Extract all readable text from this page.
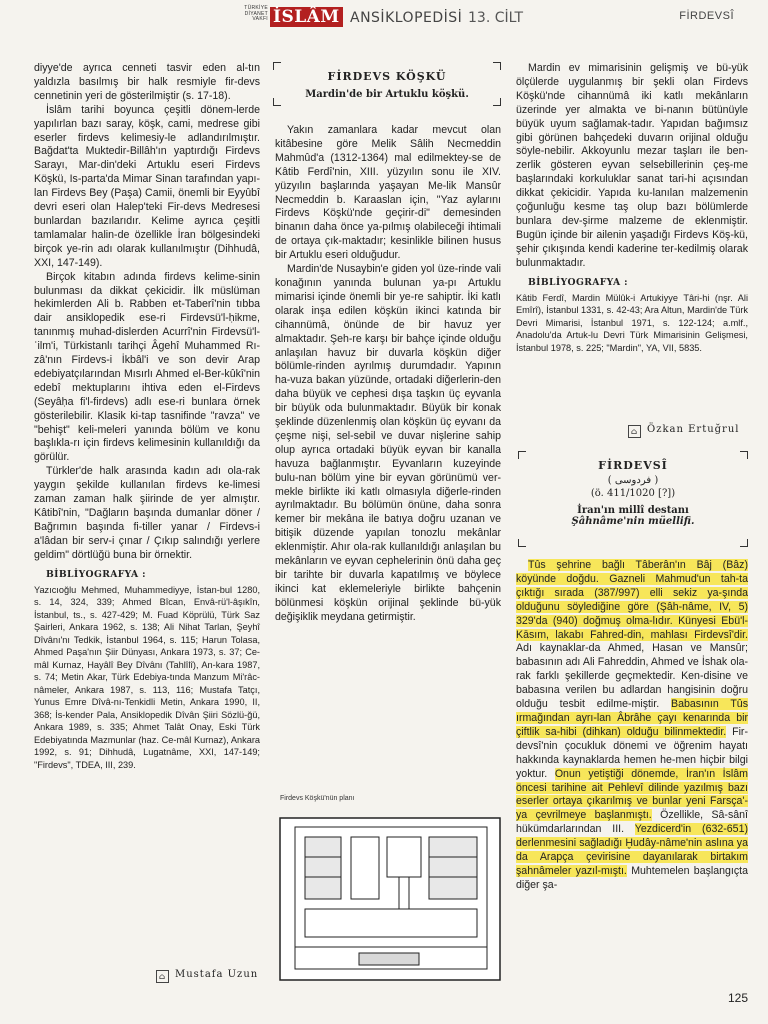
TÜRKİYE
DİYANET
VAKFI İSLÂM ANSİKLOPEDİSİ 13. CİLT	FİRDEVSÎ

diyye'de ayrıca cenneti tasvir eden al-tın yaldızla basılmış bir halk resmiyle fir-devs cennetinin yeri de gösterilmiştir (s. 17-18).

İslâm tarihi boyunca çeşitli dönem-lerde yapılırlan bazı saray, köşk, cami, medrese gibi eserler firdevs kelimesiy-le adlandırılmıştır. Bağdat'ta Muktedir-Billâh'ın yaptırdığı Firdevs Sarayı, Mar-din'deki Artuklu eseri Firdevs Köşkü, Is-parta'da Mimar Sinan tarafından yapı-lan Firdevs Bey (Paşa) Camii, önemli bir Eyyûbî devri eseri olan Halep'teki Fir-devs Medresesi bunlardan bazılarıdır. Kelime ayrıca çeşitli tamlamalar halin-de özellikle İran bölgesindeki birçok ye-rin adı olarak kullanılmıştır (Dihhudâ, XXI, 147-149).

Birçok kitabın adında firdevs kelime-sinin bulunması da dikkat çekicidir. İlk müslüman hekimlerden Ali b. Rabben et-Taberî'nin tıbba dair ansiklopedik ese-ri Firdevsü'l-ḥikme, tanınmış muhad-dislerden Acurrî'nin Firdevsü'l-ʿilm'i, Türkistanlı tarihçi Âgehî Muhammed Rı-zâ'nın Firdevs-i İkbâl'i ve son devir Arap edebiyatçılarından Mısırlı Ahmed el-Ber-kûkî'nin edebî mektuplarını ihtiva eden el-Firdevs (Seyâḥa fi'l-firdevs) adlı ese-ri bunlara örnek gösterilebilir. Klasik ki-tap tasnifinde "ravza" ve "behişt" keli-meleri yanında bölüm ve konu başlıkla-rı için firdevs kelimesinin kullanıldığı da görülür.

Türkler'de halk arasında kadın adı ola-rak yaygın şekilde kullanılan firdevs ke-limesi zaman zaman halk şiirinde de yer almıştır. Kâtibî'nin, "Dağların başında dumanlar döner / Bağrımın başında fi-tiller yanar / Firdevs-i a'lâdan bir serv-i çınar / Çıkıp salındığı yerlere geldim" dörtlüğü buna bir örnektir.

BİBLİYOGRAFYA :
Yazıcıoğlu Mehmed, Muhammediyye, İstan-bul 1280, s. 14, 324, 339; Ahmed Bîcan, Envâ-rü'l-âşıkîn, İstanbul, ts., s. 427-429; M. Fuad Köprülü, Türk Saz Şairleri, Ankara 1962, s. 138; Ali Nihat Tarlan, Şeyhî Dîvânı'nı Tedkik, İstanbul 1964, s. 115; Harun Tolasa, Ahmed Paşa'nın Şiir Dünyası, Ankara 1973, s. 37; Ce-mâl Kurnaz, Hayâlî Bey Dîvânı (Tahlîlî), An-kara 1987, s. 74; Metin Akar, Türk Edebiya-tında Manzum Mi'râc-nâmeler, Ankara 1987, s. 113, 116; Mustafa Tatçı, Yunus Emre Dîvâ-nı-Tenkidli Metin, Ankara 1990, II, 368; İs-kender Pala, Ansiklopedik Dîvân Şiiri Sözlü-ğü, Ankara 1989, s. 335; Ahmet Talât Onay, Eski Türk Edebiyatında Mazmunlar (haz. Ce-mâl Kurnaz), Ankara 1992, s. 91; Dihhudâ, Lugatnâme, XXI, 147-149; "Firdevs", TDEA, III, 239.
⌂ Mustafa Uzun
FİRDEVS KÖŞKÜ
Mardin'de bir Artuklu köşkü.

Yakın zamanlara kadar mevcut olan kitâbesine göre Melik Sâlih Necmeddin Mahmûd'a (1312-1364) mal edilmektey-se de Kâtib Ferdî'nin, XIII. yüzyılın sonu ile XIV. yüzyılın başlarında yaşayan Me-lik Mansûr Necmeddin b. Karaaslan için, "Yaz aylarını Firdevs Köşkü'nde geçirir-di" demesinden binanın daha önce ya-pılmış olabileceği ihtimali de ortaya çık-maktadır; kesinlikle bilinen husus bir Artuklu eseri olduğudur.

Mardin'de Nusaybin'e giden yol üze-rinde vali konağının yanında bulunan ya-pı Artuklu mimarisi içinde önemli bir ye-re sahiptir. İki katlı olarak inşa edilen köşkün ikinci katında bir cihannümâ, önünde de bir havuz yer almaktadır. Şeh-re karşı bir bahçe içinde olduğu anlaşılan havuz bir duvarla köşkün diğer bölümle-rinden ayrılmış durumdadır. Yapının ha-vuza bakan yüzünde, ortadaki diğerlerin-den daha büyük ve cephesi dışa taşkın üç eyvanla bir büyük oda bulunmaktadır. Büyük bir konak şeklinde düzenlenmiş olan köşkün üç eyvanı da çeşme nişi, sel-sebil ve duvar nişlerine sahip olup ayrıca ortadaki büyük eyvan bir kanalla havuza bağlanmıştır. Eyvanların kuzeyinde bulu-nan bölüm yine bir eyvan görünümü ver-mekle birlikte iki katlı olmasıyla diğerle-rinden ayrılmaktadır. Bu bölümün önüne, daha sonra kemer bir mekâna ile batıya doğru uzanan ve bitişik düzende yapılan tonozlu mekânlar eklenmiştir. Ahır ola-rak kullanıldığı anlaşılan bu mekânların ve eyvan cephelerinin önü daha geç bir tarihte bir duvarla kapatılmış ve böylece ikinci kat eklemeleriyle birlikte bahçenin bölünmesi köşkün orijinal şeklinde bü-yük değişiklik meydana getirmiştir.

Firdevs Köşkü'nün planı

Mardin ev mimarisinin gelişmiş ve bü-yük ölçülerde uygulanmış bir şekli olan Firdevs Köşkü'nde cihannümâ iki katlı mekânların üzerinde yer almakta ve bi-nanın bütünüyle büyük uyum sağlamak-tadır. Yapıdan bağımsız gibi görünen bahçedeki duvarın orijinal olduğu söyle-nebilir. Akkoyunlu mezar taşları ile ben-zerlik gösteren eyvan selsebillerinin çeş-me başlarındaki korkuluklar sanat tari-hi açısından dikkat çekicidir. Yapıda ku-lanılan malzemenin çoğunluğu kesme taş olup bazı bölümlerde bunlara dev-şirme malzeme de eklenmiştir. Bugün içinde bir ailenin yaşadığı Firdevs Köş-kü, şehir çıkışında kendi kaderine ter-kedilmiş olarak bulunmaktadır.

BİBLİYOGRAFYA :
Kâtib Ferdî, Mardin Mülûk-i Artukiyye Târi-hi (nşr. Ali Emîrî), İstanbul 1331, s. 42-43; Ara Altun, Mardin'de Türk Devri Mimarisi, İstanbul 1971, s. 122-124; a.mlf., Anadolu'da Artuk-lu Devri Türk Mimarisinin Gelişmesi, İstanbul 1978, s. 225; "Mardin", YA, VII, 5835.
⌂ Özkan Ertuğrul
FİRDEVSÎ
( فردوسی )
(ö. 411/1020 [?])
İran'ın millî destanı
Şâhnâme'nin müellifi.

Tûs şehrine bağlı Tâberân'ın Bâj (Bâz) köyünde doğdu. Gazneli Mahmud'un tah-ta çıktığı sırada (387/997) elli sekiz ya-şında olduğunu söylediğine göre (Şâh-nâme, IV, 5) 329'da (940) doğmuş olma-lıdır. Künyesi Ebü'l-Kāsım, lakabı Fahred-din, mahlası Firdevsî'dir. Adı kaynaklar-da Ahmed, Hasan ve Mansûr; babasının adı Ali Fahreddin, Ahmed ve İshak ola-rak farklı şekillerde geçmektedir. Ken-disine ve babasına verilen bu adlardan hangisinin doğru olduğu tesbit edilme-miştir. Babasının Tûs ırmağından ayrı-lan Âbrâhe çayı kenarında bir çiftlik sa-hibi (dihkan) olduğu bilinmektedir. Fir-devsî'nin çocukluk dönemi ve öğrenim hayatı hakkında kaynaklarda hemen he-men hiçbir bilgi yoktur. Onun yetiştiği dönemde, İran'ın İslâm öncesi tarihine ait Pehlevî dilinde yazılmış bazı eserler ortaya çıkarılmış ve bunlar yeni Farsça'-ya çevrilmeye başlanmıştı. Özellikle, Sâ-sânî hükümdarlarından III. Yezdicerd'in (632-651) derlenmesini sağladığı Ḫudây-nâme'nin aslına ya da Arapça çevirisine dayanılarak birtakım şahnâmeler yazıl-mıştı. Muhtemelen başlangıçta diğer şa-

125
